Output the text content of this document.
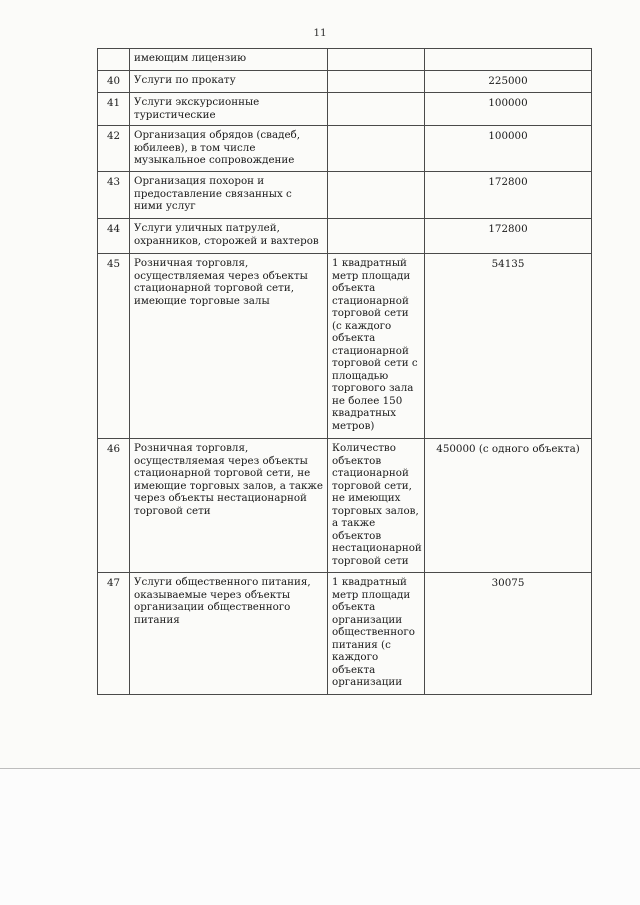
11
	имеющим лицензию		
40	Услуги по прокату		225000
41	Услуги экскурсионные туристические		100000
42	Организация обрядов (свадеб, юбилеев), в том числе музыкальное сопровождение		100000
43	Организация похорон и предоставление связанных с ними услуг		172800
44	Услуги уличных патрулей, охранников, сторожей и вахтеров		172800
45	Розничная торговля, осуществляемая через объекты стационарной торговой сети, имеющие торговые залы	1 квадратный метр площади объекта стационарной торговой сети (с каждого объекта стационарной торговой сети с площадью торгового зала не более 150 квадратных метров)	54135
46	Розничная торговля, осуществляемая через объекты стационарной торговой сети, не имеющие торговых залов, а также через объекты нестационарной торговой сети	Количество объектов стационарной торговой сети, не имеющих торговых залов, а также объектов нестационарной торговой сети	450000 (с одного объекта)
47	Услуги общественного питания, оказываемые через объекты организации общественного питания	1 квадратный метр площади объекта организации общественного питания (с каждого объекта организации	30075
